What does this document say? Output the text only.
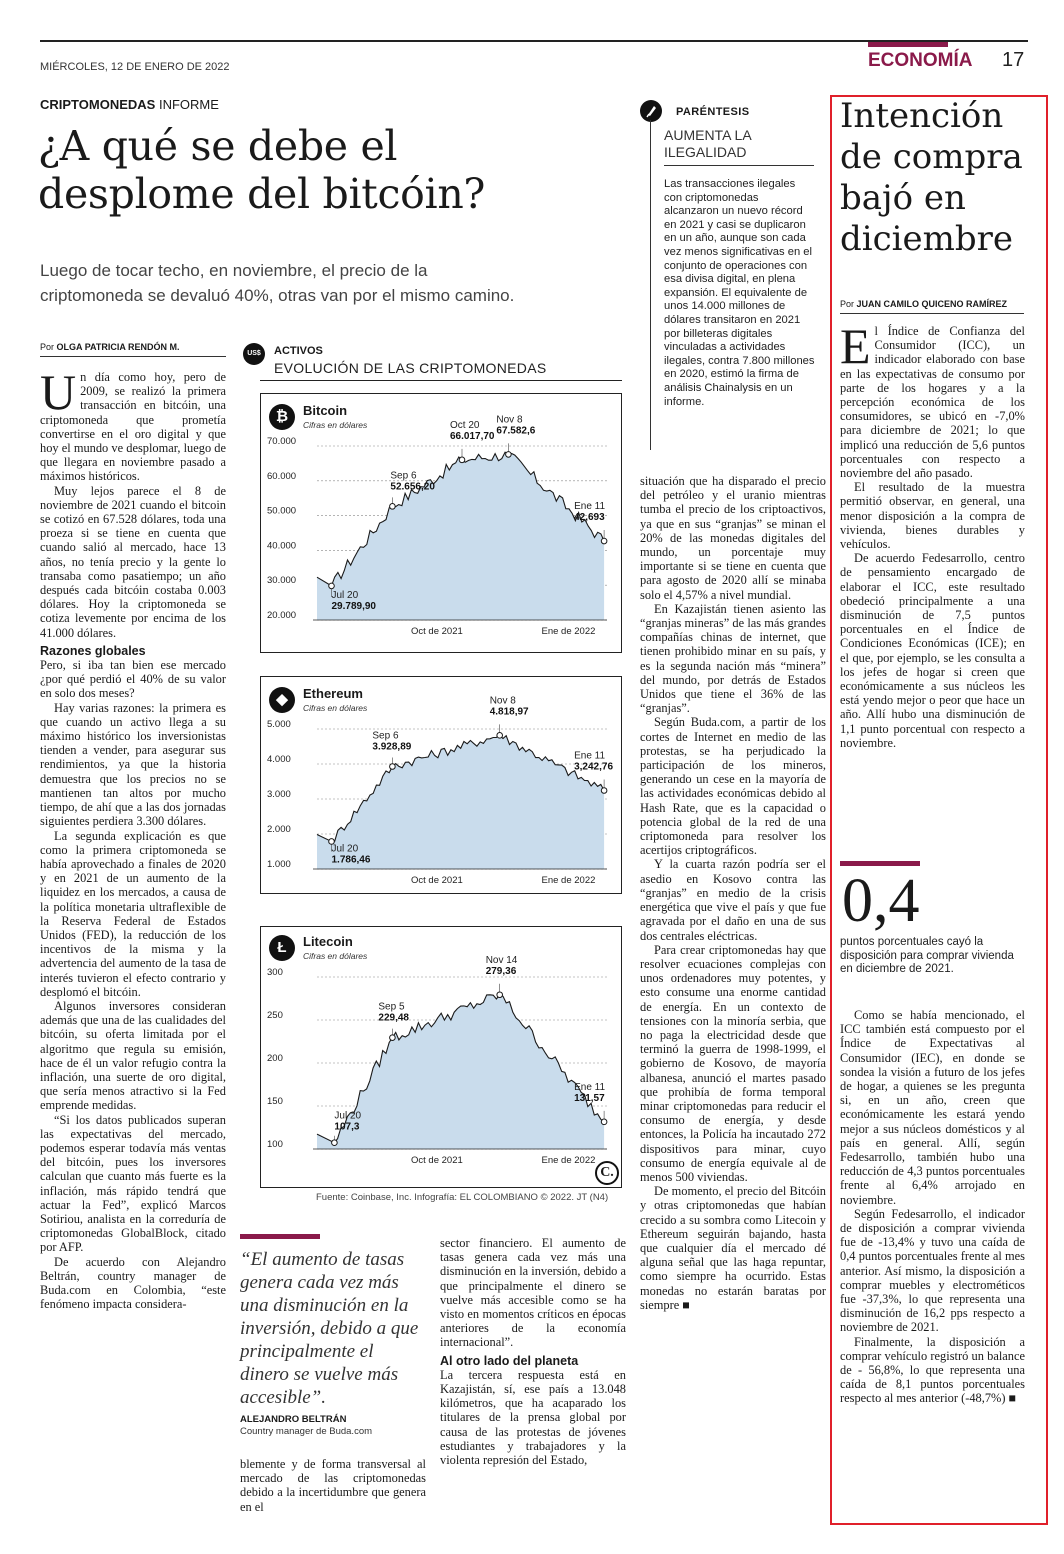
MIÉRCOLES, 12 DE ENERO DE 2022	ECONOMÍA 17
CRIPTOMONEDAS INFORME
¿A qué se debe el
desplome del bitcóin?
Luego de tocar techo, en noviembre, el precio de la
criptomoneda se devaluó 40%, otras van por el mismo camino.
Por OLGA PATRICIA RENDÓN M.
U n día como hoy, pero de 2009, se realizó la primera transacción en bitcóin, una criptomoneda que prometía convertirse en el oro digital y que hoy el mundo ve desplomar, luego de que llegara en noviembre pasado a máximos históricos.

Muy lejos parece el 8 de noviembre de 2021 cuando el bitcoin se cotizó en 67.528 dólares, toda una proeza si se tiene en cuenta que cuando salió al mercado, hace 13 años, no tenía precio y la gente lo transaba como pasatiempo; un año después cada bitcóin costaba 0.003 dólares. Hoy la criptomoneda se cotiza levemente por encima de los 41.000 dólares.

Razones globales

Pero, si iba tan bien ese mercado ¿por qué perdió el 40% de su valor en solo dos meses?

Hay varias razones: la primera es que cuando un activo llega a su máximo histórico los inversionistas tienden a vender, para asegurar sus rendimientos, ya que la historia demuestra que los precios no se mantienen tan altos por mucho tiempo, de ahí que a las dos jornadas siguientes perdiera 3.300 dólares.

La segunda explicación es que como la primera criptomoneda se había aprovechado a finales de 2020 y en 2021 de un aumento de la liquidez en los mercados, a causa de la política monetaria ultraflexible de la Reserva Federal de Estados Unidos (FED), la reducción de los incentivos de la misma y la advertencia del aumento de la tasa de interés tuvieron el efecto contrario y desplomó el bitcóin.

Algunos inversores consideran además que una de las cualidades del bitcóin, su oferta limitada por el algoritmo que regula su emisión, hace de él un valor refugio contra la inflación, una suerte de oro digital, que sería menos atractivo si la Fed emprende medidas.

“Si los datos publicados superan las expectativas del mercado, podemos esperar todavía más ventas del bitcóin, pues los inversores calculan que cuanto más fuerte es la inflación, más rápido tendrá que actuar la Fed”, explicó Marcos Sotiriou, analista en la correduría de criptomonedas GlobalBlock, citado por AFP.

De acuerdo con Alejandro Beltrán, country manager de Buda.com en Colombia, “este fenómeno impacta considera-

US$	ACTIVOS
EVOLUCIÓN DE LAS CRIPTOMONEDAS
₿	Bitcoin
Cifras en dólares
70.000
60.000
50.000
40.000
30.000
20.000
Oct de 2021	Ene de 2022
Jul 20
29.789,90
Sep 6
52.656,20
Oct 20
66.017,70
Nov 8
67.582,6
Ene 11
42,693
◆	Ethereum
Cifras en dólares
5.000
4.000
3.000
2.000
1.000
Oct de 2021	Ene de 2022
Jul 20
1.786,46
Sep 6
3.928,89
Nov 8
4.818,97
Ene 11
3,242,76
Ł	Litecoin
Cifras en dólares
300
250
200
150
100
Oct de 2021	Ene de 2022
Jul 20
107,3
Sep 5
229,48
Nov 14
279,36
Ene 11
131,57
C.
Fuente: Coinbase, Inc. Infografía: EL COLOMBIANO © 2022. JT (N4)
“El aumento de tasas genera cada vez más una disminución en la inversión, debido a que principalmente el dinero se vuelve más accesible”.
ALEJANDRO BELTRÁN
Country manager de Buda.com
blemente y de forma transversal al mercado de las criptomonedas debido a la incertidumbre que genera en el

sector financiero. El aumento de tasas genera cada vez más una disminución en la inversión, debido a que principalmente el dinero se vuelve más accesible como se ha visto en momentos críticos en épocas anteriores de la economía internacional”.

Al otro lado del planeta

La tercera respuesta está en Kazajistán, sí, ese país a 13.048 kilómetros, que ha acaparado los titulares de la prensa global por causa de las protestas de jóvenes estudiantes y trabajadores y la violenta represión del Estado,

PARÉNTESIS
AUMENTA LA
ILEGALIDAD
Las transacciones ilegales con criptomonedas alcanzaron un nuevo récord en 2021 y casi se duplicaron en un año, aunque son cada vez menos significativas en el conjunto de operaciones con esa divisa digital, en plena expansión. El equivalente de unos 14.000 millones de dólares transitaron en 2021 por billeteras digitales vinculadas a actividades ilegales, contra 7.800 millones en 2020, estimó la firma de análisis Chainalysis en un informe.

situación que ha disparado el precio del petróleo y el uranio mientras tumba el precio de los criptoactivos, ya que en sus “granjas” se minan el 20% de las monedas digitales del mundo, un porcentaje muy importante si se tiene en cuenta que para agosto de 2020 allí se minaba solo el 4,57% a nivel mundial.

En Kazajistán tienen asiento las “granjas mineras” de las más grandes compañías chinas de internet, que tienen prohibido minar en su país, y es la segunda nación más “minera” del mundo, por detrás de Estados Unidos que tiene el 36% de las “granjas”.

Según Buda.com, a partir de los cortes de Internet en medio de las protestas, se ha perjudicado la participación de los mineros, generando un cese en la mayoría de las actividades económicas debido al Hash Rate, que es la capacidad o potencia global de la red de una criptomoneda para resolver los acertijos criptográficos.

Y la cuarta razón podría ser el asedio en Kosovo contra las “granjas” en medio de la crisis energética que vive el país y que fue agravada por el daño en una de sus dos centrales eléctricas.

Para crear criptomonedas hay que resolver ecuaciones complejas con unos ordenadores muy potentes, y esto consume una enorme cantidad de energía. En un contexto de tensiones con la minoría serbia, que no paga la electricidad desde que terminó la guerra de 1998-1999, el gobierno de Kosovo, de mayoría albanesa, anunció el martes pasado que prohibía de forma temporal minar criptomonedas para reducir el consumo de energía, y desde entonces, la Policía ha incautado 272 dispositivos para minar, cuyo consumo de energía equivale al de menos 500 viviendas.

De momento, el precio del Bitcóin y otras criptomonedas que habían crecido a su sombra como Litecoin y Ethereum seguirán bajando, hasta que cualquier día el mercado dé alguna señal que las haga repuntar, como siempre ha ocurrido. Estas monedas no estarán baratas por siempre ■

Intención
de compra
bajó en
diciembre
Por JUAN CAMILO QUICENO RAMÍREZ
E l Índice de Confianza del Consumidor (ICC), un indicador elaborado con base en las expectativas de consumo por parte de los hogares y a la percepción económica de los consumidores, se ubicó en -7,0% para diciembre de 2021; lo que implicó una reducción de 5,6 puntos porcentuales con respecto a noviembre del año pasado.

El resultado de la muestra permitió observar, en general, una menor disposición a la compra de vivienda, bienes durables y vehículos.

De acuerdo Fedesarrollo, centro de pensamiento encargado de elaborar el ICC, este resultado obedeció principalmente a una disminución de 7,5 puntos porcentuales en el Índice de Condiciones Económicas (ICE); en el que, por ejemplo, se les consulta a los jefes de hogar si creen que económicamente a sus núcleos les está yendo mejor o peor que hace un año. Allí hubo una disminución de 1,1 punto porcentual con respecto a noviembre.

0,4
puntos porcentuales cayó la disposición para comprar vivienda en diciembre de 2021.

Como se había mencionado, el ICC también está compuesto por el Índice de Expectativas al Consumidor (IEC), en donde se sondea la visión a futuro de los jefes de hogar, a quienes se les pregunta si, en un año, creen que económicamente les estará yendo mejor a sus núcleos domésticos y al país en general. Allí, según Fedesarrollo, también hubo una reducción de 4,3 puntos porcentuales frente al 6,4% arrojado en noviembre.

Según Fedesarrollo, el indicador de disposición a comprar vivienda fue de -13,4% y tuvo una caída de 0,4 puntos porcentuales frente al mes anterior. Así mismo, la disposición a comprar muebles y electrométicos fue -37,3%, lo que representa una disminución de 16,2 pps respecto a noviembre de 2021.

Finalmente, la disposición a comprar vehículo registró un balance de - 56,8%, lo que representa una caída de 8,1 puntos porcentuales respecto al mes anterior (-48,7%) ■
